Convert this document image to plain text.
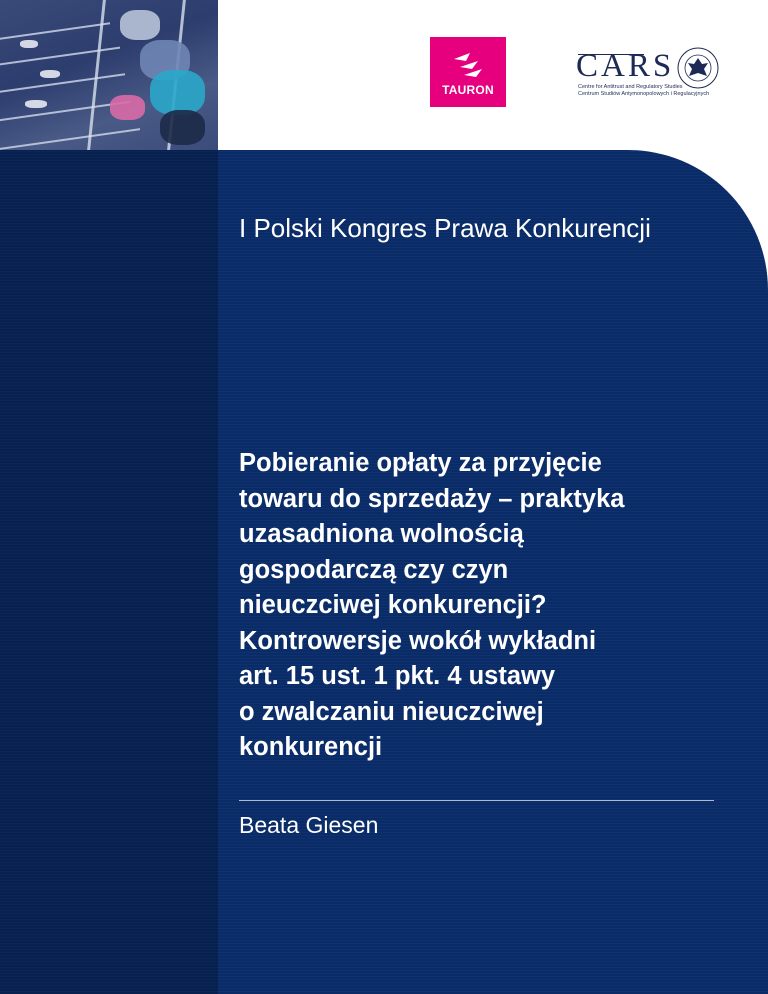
TAURON
CARS
Centre for Antitrust and Regulatory Studies
Centrum Studiów Antymonopolowych i Regulacyjnych
I Polski Kongres Prawa Konkurencji
Pobieranie opłaty za przyjęcie
towaru do sprzedaży – praktyka
uzasadniona wolnością
gospodarczą czy czyn
nieuczciwej konkurencji?
Kontrowersje wokół wykładni
art. 15 ust. 1 pkt. 4 ustawy
o zwalczaniu nieuczciwej
konkurencji
Beata Giesen
